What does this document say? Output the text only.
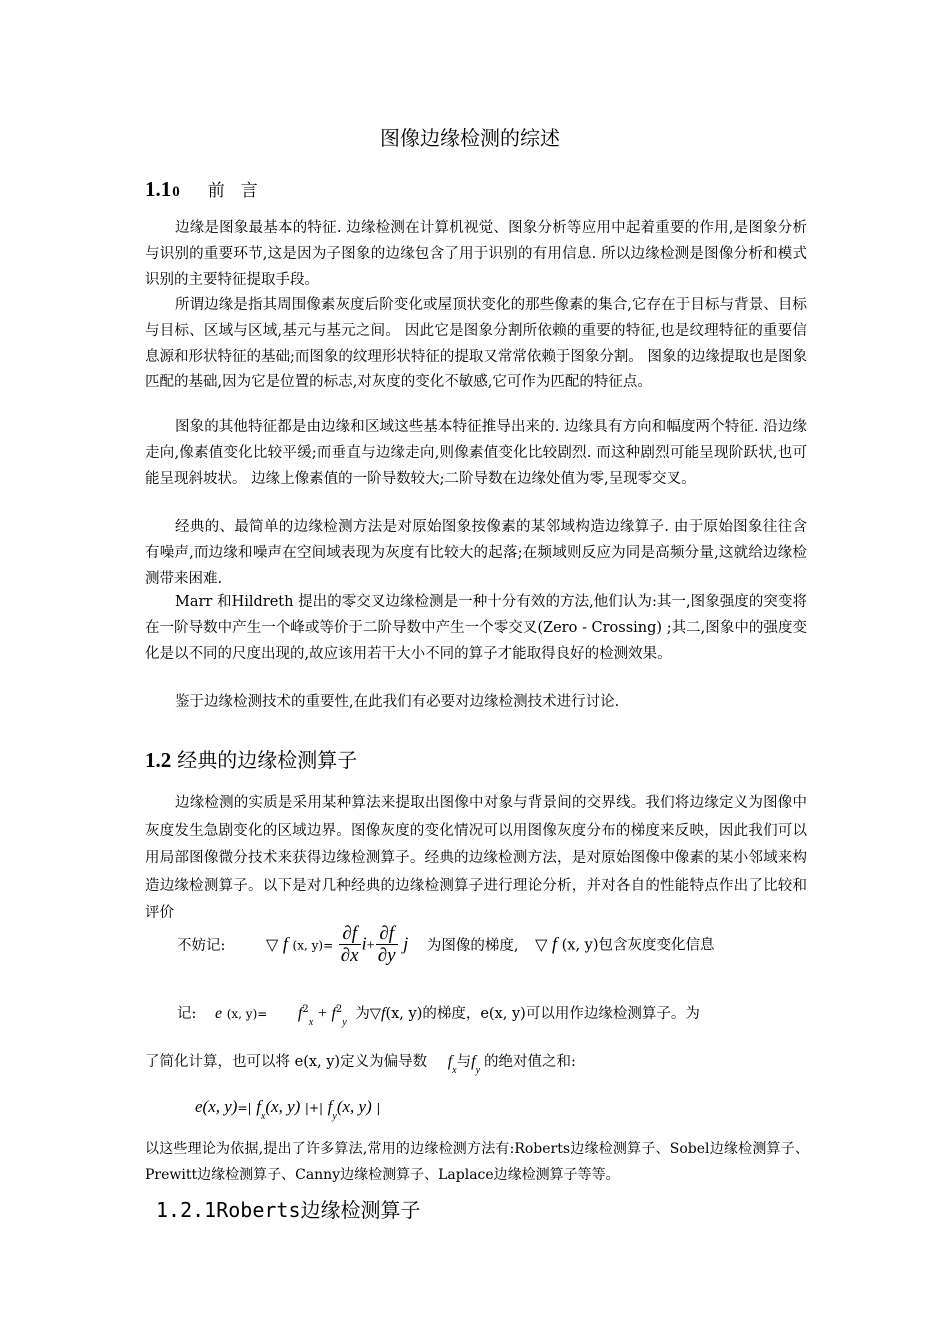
图像边缘检测的综述
1.10 前言
边缘是图象最基本的特征. 边缘检测在计算机视觉、图象分析等应用中起着重要的作用,是图象分析与识别的重要环节,这是因为子图象的边缘包含了用于识别的有用信息. 所以边缘检测是图像分析和模式识别的主要特征提取手段。
所谓边缘是指其周围像素灰度后阶变化或屋顶状变化的那些像素的集合,它存在于目标与背景、目标与目标、区域与区域,基元与基元之间。 因此它是图象分割所依赖的重要的特征,也是纹理特征的重要信息源和形状特征的基础;而图象的纹理形状特征的提取又常常依赖于图象分割。 图象的边缘提取也是图象匹配的基础,因为它是位置的标志,对灰度的变化不敏感,它可作为匹配的特征点。
图象的其他特征都是由边缘和区域这些基本特征推导出来的. 边缘具有方向和幅度两个特征. 沿边缘走向,像素值变化比较平缓;而垂直与边缘走向,则像素值变化比较剧烈. 而这种剧烈可能呈现阶跃状,也可能呈现斜坡状。 边缘上像素值的一阶导数较大;二阶导数在边缘处值为零,呈现零交叉。
经典的、最简单的边缘检测方法是对原始图象按像素的某邻域构造边缘算子. 由于原始图象往往含有噪声,而边缘和噪声在空间域表现为灰度有比较大的起落;在频域则反应为同是高频分量,这就给边缘检测带来困难.
Marr 和Hildreth 提出的零交叉边缘检测是一种十分有效的方法,他们认为:其一,图象强度的突变将在一阶导数中产生一个峰或等价于二阶导数中产生一个零交叉(Zero - Crossing) ;其二,图象中的强度变化是以不同的尺度出现的,故应该用若干大小不同的算子才能取得良好的检测效果。
鉴于边缘检测技术的重要性,在此我们有必要对边缘检测技术进行讨论.
1.2 经典的边缘检测算子
边缘检测的实质是采用某种算法来提取出图像中对象与背景间的交界线。我们将边缘定义为图像中灰度发生急剧变化的区域边界。图像灰度的变化情况可以用图像灰度分布的梯度来反映，因此我们可以用局部图像微分技术来获得边缘检测算子。经典的边缘检测方法，是对原始图像中像素的某小邻域来构造边缘检测算子。以下是对几种经典的边缘检测算子进行理论分析，并对各自的性能特点作出了比较和评价
不妨记:	▽ f (x, $y)= \frac{\partial f}{\partial x} i+ \frac{\partial f}{\partial y}$ j 为图像的梯度, ▽ f (x, y)包含灰度变化信息
记: e (x, $y)= f^2_x + f^2_y$ 为▽f(x, y)的梯度，e(x, y)可以用作边缘检测算子。为
了简化计算，也可以将 e(x, y)定义为偏导数 $f_x$与$f_y$的绝对值之和:
e(x, y)=| $f_x(x$, y) |+| $f_y(x$, y) |
以这些理论为依据,提出了许多算法,常用的边缘检测方法有:Roberts边缘检测算子、Sobel边缘检测算子、Prewitt边缘检测算子、Canny边缘检测算子、Laplace边缘检测算子等等。
1.2.1Roberts边缘检测算子
